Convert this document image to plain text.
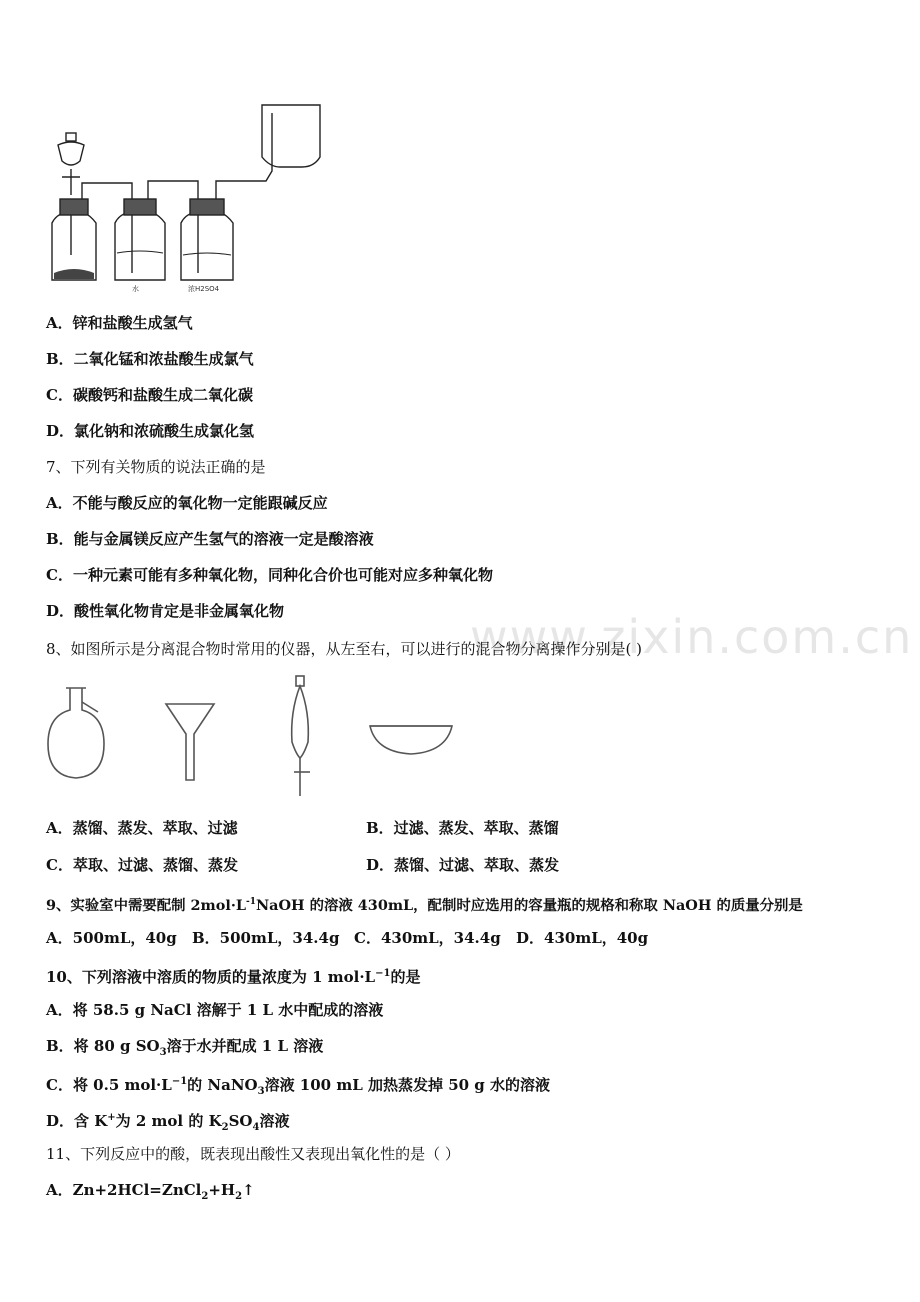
水	浓H2SO4
www.zixin.com.cn
A．锌和盐酸生成氢气
B．二氧化锰和浓盐酸生成氯气
C．碳酸钙和盐酸生成二氧化碳
D．氯化钠和浓硫酸生成氯化氢
7、下列有关物质的说法正确的是
A．不能与酸反应的氧化物一定能跟碱反应
B．能与金属镁反应产生氢气的溶液一定是酸溶液
C．一种元素可能有多种氧化物，同种化合价也可能对应多种氧化物
D．酸性氧化物肯定是非金属氧化物
8、如图所示是分离混合物时常用的仪器，从左至右，可以进行的混合物分离操作分别是( )
A．蒸馏、蒸发、萃取、过滤	B．过滤、蒸发、萃取、蒸馏
C．萃取、过滤、蒸馏、蒸发	D．蒸馏、过滤、萃取、蒸发
9、实验室中需要配制 $2mol\cdot L^{-1}NaOH$ 的溶液 430mL，配制时应选用的容量瓶的规格和称取 NaOH 的质量分别是
A．500mL，40g B．500mL，34.4g C．430mL，34.4g D．430mL，40g
10、下列溶液中溶质的物质的量浓度为 1 $mol\cdot L^{-1}$的是
A．将 58.5 g NaCl 溶解于 1 L 水中配成的溶液
B．将 80 g $SO_3$溶于水并配成 1 L 溶液
C．将 0.5 $mol\cdot L^{-1}$的 NaNO$_3$溶液 100 mL 加热蒸发掉 50 g 水的溶液
D．含 K+为 2 mol 的 $K_2SO_4$溶液
11、下列反应中的酸，既表现出酸性又表现出氧化性的是（ ）
A．$Zn+2HCl=ZnCl_2+H_2↑$
